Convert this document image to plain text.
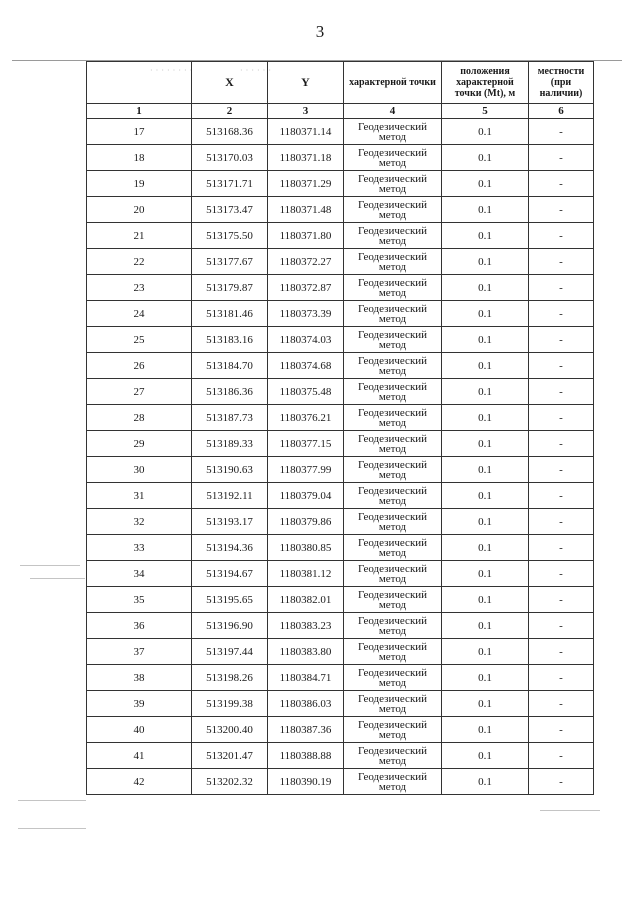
3
· · · · · · · ·	· · · · · ·
	X	Y	характерной точки	положения характерной точки (Mt), м	местности (при наличии)
1	2	3	4	5	6
17	513168.36	1180371.14	Геодезический метод	0.1	-
18	513170.03	1180371.18	Геодезический метод	0.1	-
19	513171.71	1180371.29	Геодезический метод	0.1	-
20	513173.47	1180371.48	Геодезический метод	0.1	-
21	513175.50	1180371.80	Геодезический метод	0.1	-
22	513177.67	1180372.27	Геодезический метод	0.1	-
23	513179.87	1180372.87	Геодезический метод	0.1	-
24	513181.46	1180373.39	Геодезический метод	0.1	-
25	513183.16	1180374.03	Геодезический метод	0.1	-
26	513184.70	1180374.68	Геодезический метод	0.1	-
27	513186.36	1180375.48	Геодезический метод	0.1	-
28	513187.73	1180376.21	Геодезический метод	0.1	-
29	513189.33	1180377.15	Геодезический метод	0.1	-
30	513190.63	1180377.99	Геодезический метод	0.1	-
31	513192.11	1180379.04	Геодезический метод	0.1	-
32	513193.17	1180379.86	Геодезический метод	0.1	-
33	513194.36	1180380.85	Геодезический метод	0.1	-
34	513194.67	1180381.12	Геодезический метод	0.1	-
35	513195.65	1180382.01	Геодезический метод	0.1	-
36	513196.90	1180383.23	Геодезический метод	0.1	-
37	513197.44	1180383.80	Геодезический метод	0.1	-
38	513198.26	1180384.71	Геодезический метод	0.1	-
39	513199.38	1180386.03	Геодезический метод	0.1	-
40	513200.40	1180387.36	Геодезический метод	0.1	-
41	513201.47	1180388.88	Геодезический метод	0.1	-
42	513202.32	1180390.19	Геодезический метод	0.1	-
